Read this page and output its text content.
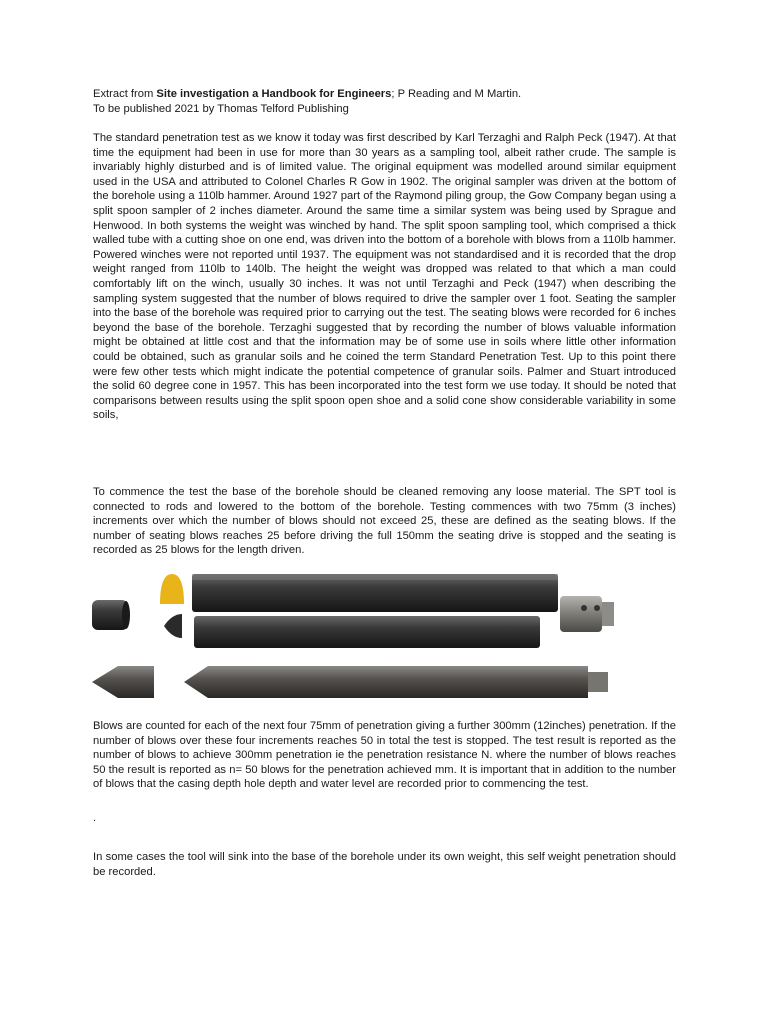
Extract from Site investigation a Handbook for Engineers; P Reading and M Martin.
To be published 2021 by Thomas Telford Publishing

The standard penetration test as we know it today was first described by Karl Terzaghi and Ralph Peck (1947). At that time the equipment had been in use for more than 30 years as a sampling tool, albeit rather crude. The sample is invariably highly disturbed and is of limited value. The original equipment was modelled around similar equipment used in the USA and attributed to Colonel Charles R Gow in 1902. The original sampler was driven at the bottom of the borehole using a 110lb hammer. Around 1927 part of the Raymond piling group, the Gow Company began using a split spoon sampler of 2 inches diameter. Around the same time a similar system was being used by Sprague and Henwood. In both systems the weight was winched by hand. The split spoon sampling tool, which comprised a thick walled tube with a cutting shoe on one end, was driven into the bottom of a borehole with blows from a 110lb hammer. Powered winches were not reported until 1937. The equipment was not standardised and it is recorded that the drop weight ranged from 110lb to 140lb. The height the weight was dropped was related to that which a man could comfortably lift on the winch, usually 30 inches. It was not until Terzaghi and Peck (1947) when describing the sampling system suggested that the number of blows required to drive the sampler over 1 foot. Seating the sampler into the base of the borehole was required prior to carrying out the test. The seating blows were recorded for 6 inches beyond the base of the borehole. Terzaghi suggested that by recording the number of blows valuable information might be obtained at little cost and that the information may be of some use in soils where little other information could be obtained, such as granular soils and he coined the term Standard Penetration Test. Up to this point there were few other tests which might indicate the potential competence of granular soils. Palmer and Stuart introduced the solid 60 degree cone in 1957. This has been incorporated into the test form we use today. It should be noted that comparisons between results using the split spoon open shoe and a solid cone show considerable variability in some soils,

To commence the test the base of the borehole should be cleaned removing any loose material. The SPT tool is connected to rods and lowered to the bottom of the borehole. Testing commences with two 75mm (3 inches) increments over which the number of blows should not exceed 25, these are defined as the seating blows. If the number of seating blows reaches 25 before driving the full 150mm the seating drive is stopped and the seating is recorded as 25 blows for the length driven.

Blows are counted for each of the next four 75mm of penetration giving a further 300mm (12inches) penetration. If the number of blows over these four increments reaches 50 in total the test is stopped. The test result is reported as the number of blows to achieve 300mm penetration ie the penetration resistance N. where the number of blows reaches 50 the result is reported as n= 50 blows for the penetration achieved mm. It is important that in addition to the number of blows that the casing depth hole depth and water level are recorded prior to commencing the test.

.

In some cases the tool will sink into the base of the borehole under its own weight, this self weight penetration should be recorded.
